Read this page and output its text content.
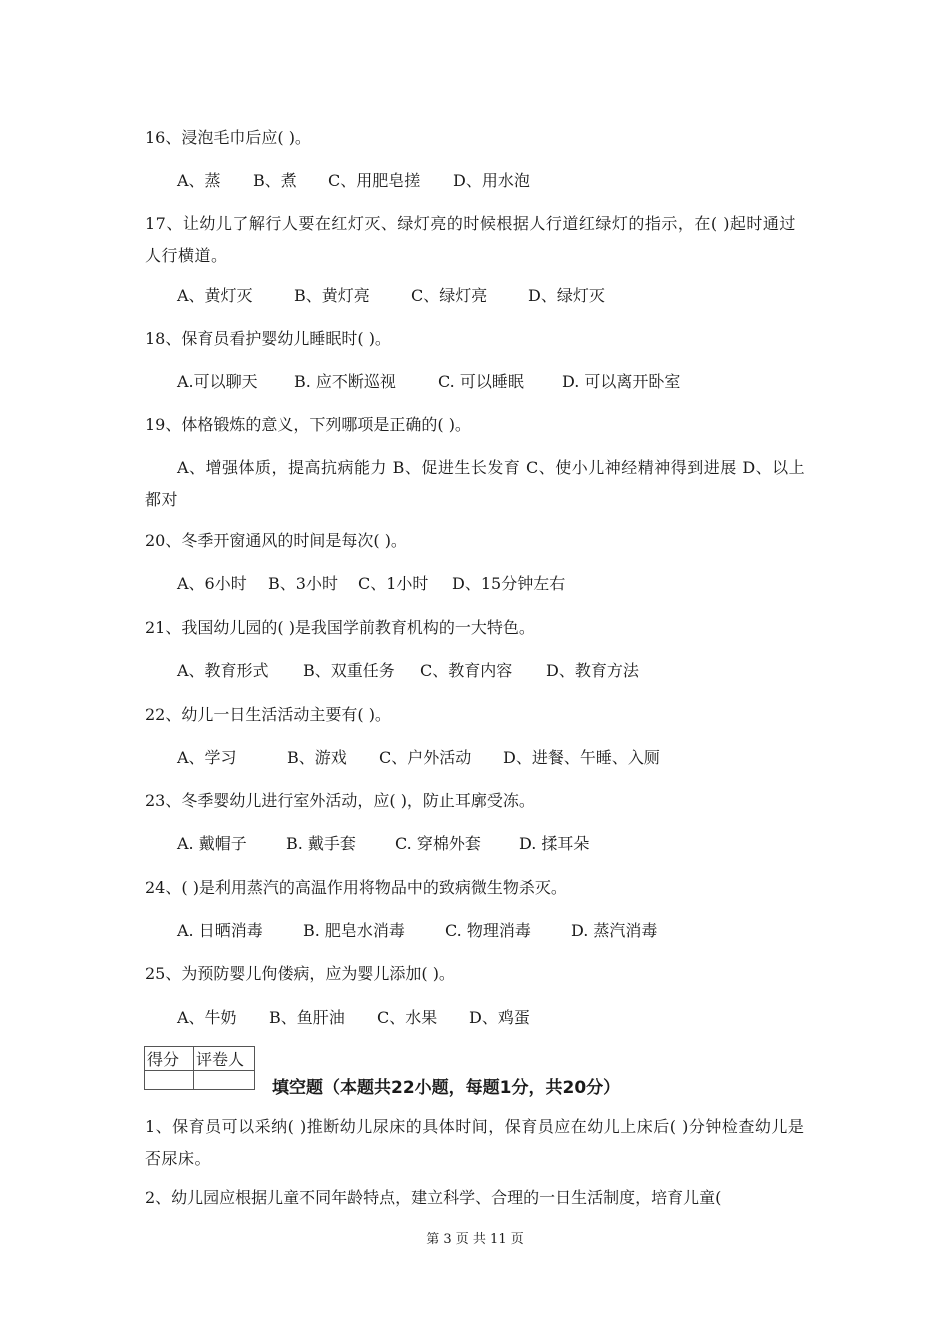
16、浸泡毛巾后应( )。
A、蒸 B、煮 C、用肥皂搓 D、用水泡
17、让幼儿了解行人要在红灯灭、绿灯亮的时候根据人行道红绿灯的指示，在( )起时通过人行横道。
A、黄灯灭	B、黄灯亮	C、绿灯亮	D、绿灯灭
18、保育员看护婴幼儿睡眠时( )。
A.可以聊天 B. 应不断巡视	C. 可以睡眠 D. 可以离开卧室
19、体格锻炼的意义，下列哪项是正确的( )。
A、增强体质，提高抗病能力 B、促进生长发育 C、使小儿神经精神得到进展 D、以上都对
20、冬季开窗通风的时间是每次( )。
A、6小时 B、3小时 C、1小时 D、15分钟左右
21、我国幼儿园的( )是我国学前教育机构的一大特色。
A、教育形式 B、双重任务 C、教育内容 D、教育方法
22、幼儿一日生活活动主要有( )。
A、学习	B、游戏 C、户外活动 D、进餐、午睡、入厕
23、冬季婴幼儿进行室外活动，应( )，防止耳廓受冻。
A. 戴帽子 B. 戴手套 C. 穿棉外套 D. 揉耳朵
24、( )是利用蒸汽的高温作用将物品中的致病微生物杀灭。
A. 日晒消毒	B. 肥皂水消毒	C. 物理消毒	D. 蒸汽消毒
25、为预防婴儿佝偻病，应为婴儿添加( )。
A、牛奶 B、鱼肝油 C、水果 D、鸡蛋
得分	评卷人

填空题（本题共22小题，每题1分，共20分）
1、保育员可以采纳( )推断幼儿尿床的具体时间，保育员应在幼儿上床后( )分钟检查幼儿是否尿床。
2、幼儿园应根据儿童不同年龄特点，建立科学、合理的一日生活制度，培育儿童(
第 3 页 共 11 页
